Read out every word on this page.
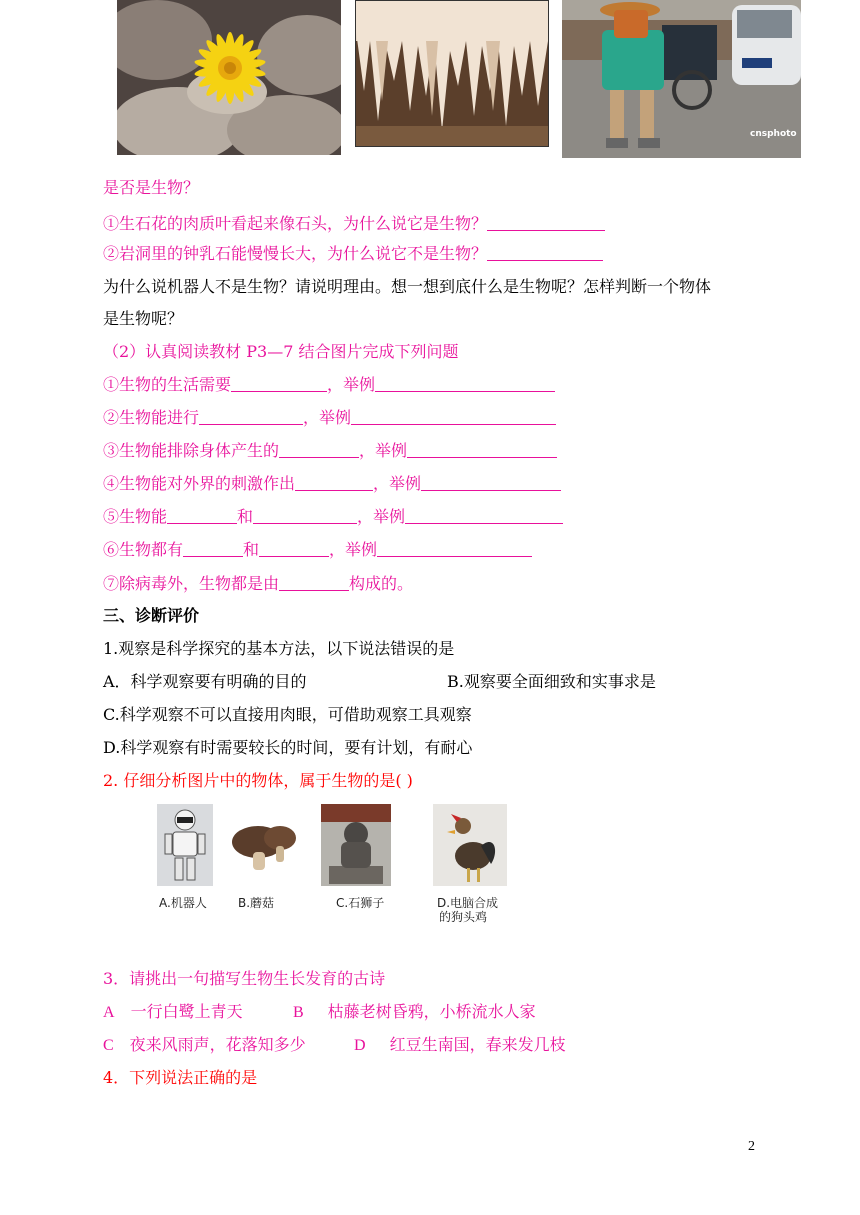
cnsphoto
是否是生物？
①生石花的肉质叶看起来像石头，为什么说它是生物？
②岩洞里的钟乳石能慢慢长大，为什么说它不是生物？
为什么说机器人不是生物？请说明理由。想一想到底什么是生物呢？怎样判断一个物体
是生物呢？
（2）认真阅读教材 P3—7 结合图片完成下列问题
①生物的生活需要	，举例
②生物能进行	，举例
③生物能排除身体产生的	，举例
④生物能对外界的刺激作出	，举例
⑤生物能	和	，举例
⑥生物都有	和	，举例
⑦除病毒外，生物都是由	构成的。
三、诊断评价
1.观察是科学探究的基本方法，以下说法错误的是
A．科学观察要有明确的目的	B.观察要全面细致和实事求是
C.科学观察不可以直接用肉眼，可借助观察工具观察
D.科学观察有时需要较长的时间，要有计划，有耐心
2. 仔细分析图片中的物体，属于生物的是( )
A.机器人	B.蘑菇	C.石狮子	D.电脑合成
的狗头鸡
3．请挑出一句描写生物生长发育的古诗
A 一行白鹭上青天	B 枯藤老树昏鸦，小桥流水人家
C 夜来风雨声，花落知多少	D 红豆生南国，春来发几枝
4．下列说法正确的是
2
